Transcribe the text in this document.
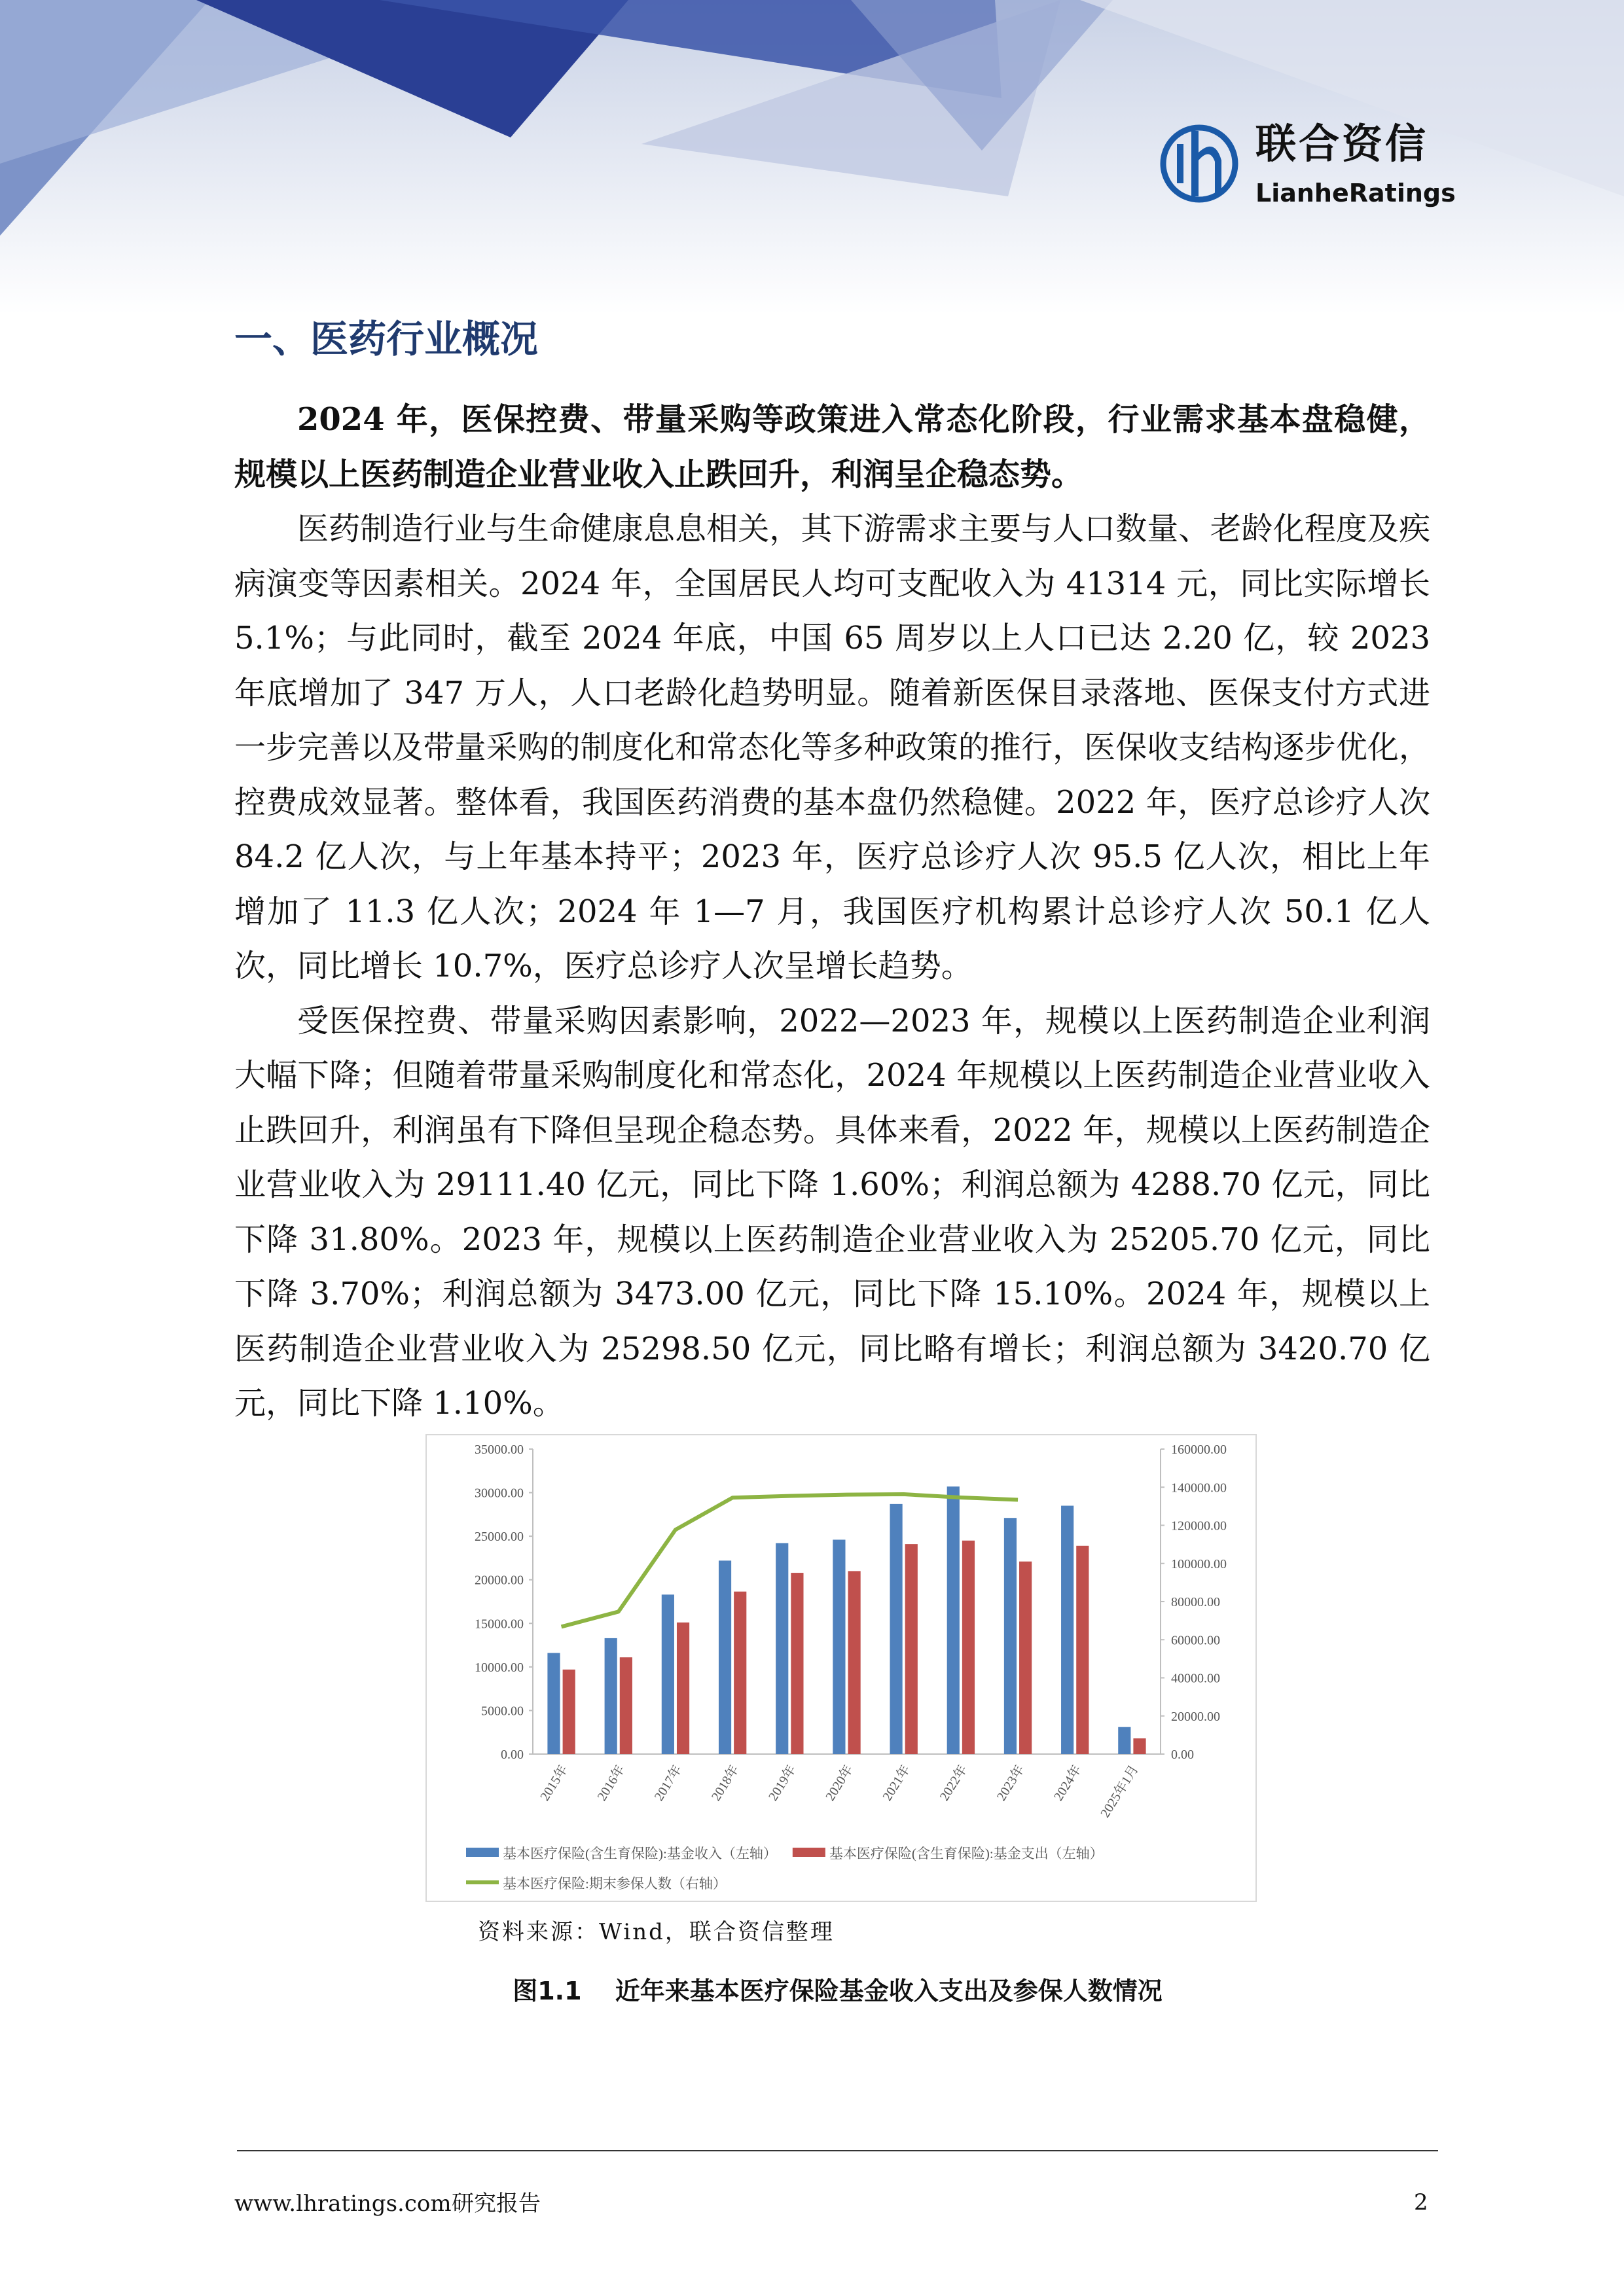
联合资信
LianheRatings
一、医药行业概况

2024 年，医保控费、带量采购等政策进入常态化阶段，行业需求基本盘稳健，规模以上医药制造企业营业收入止跌回升，利润呈企稳态势。

医药制造行业与生命健康息息相关，其下游需求主要与人口数量、老龄化程度及疾病演变等因素相关。2024 年，全国居民人均可支配收入为 41314 元，同比实际增长 5.1%；与此同时，截至 2024 年底，中国 65 周岁以上人口已达 2.20 亿，较 2023 年底增加了 347 万人，人口老龄化趋势明显。随着新医保目录落地、医保支付方式进一步完善以及带量采购的制度化和常态化等多种政策的推行，医保收支结构逐步优化，控费成效显著。整体看，我国医药消费的基本盘仍然稳健。2022 年，医疗总诊疗人次 84.2 亿人次，与上年基本持平；2023 年，医疗总诊疗人次 95.5 亿人次，相比上年增加了 11.3 亿人次；2024 年 1—7 月，我国医疗机构累计总诊疗人次 50.1 亿人次，同比增长 10.7%，医疗总诊疗人次呈增长趋势。

受医保控费、带量采购因素影响，2022—2023 年，规模以上医药制造企业利润大幅下降；但随着带量采购制度化和常态化，2024 年规模以上医药制造企业营业收入止跌回升，利润虽有下降但呈现企稳态势。具体来看，2022 年，规模以上医药制造企业营业收入为 29111.40 亿元，同比下降 1.60%；利润总额为 4288.70 亿元，同比下降 31.80%。2023 年，规模以上医药制造企业营业收入为 25205.70 亿元，同比下降 3.70%；利润总额为 3473.00 亿元，同比下降 15.10%。2024 年，规模以上医药制造企业营业收入为 25298.50 亿元，同比略有增长；利润总额为 3420.70 亿元，同比下降 1.10%。

0.00
5000.00
10000.00
15000.00
20000.00
25000.00
30000.00
35000.00
0.00
20000.00
40000.00
60000.00
80000.00
100000.00
120000.00
140000.00
160000.00
2015年 2016年 2017年 2018年 2019年 2020年 2021年 2022年 2023年 2024年 2025年1月
基本医疗保险(含生育保险):基金收入（左轴）	基本医疗保险(含生育保险):基金支出（左轴）
基本医疗保险:期末参保人数（右轴）
资料来源：Wind，联合资信整理
图1.1　 近年来基本医疗保险基金收入支出及参保人数情况
www.lhratings.com 研究报告	2
